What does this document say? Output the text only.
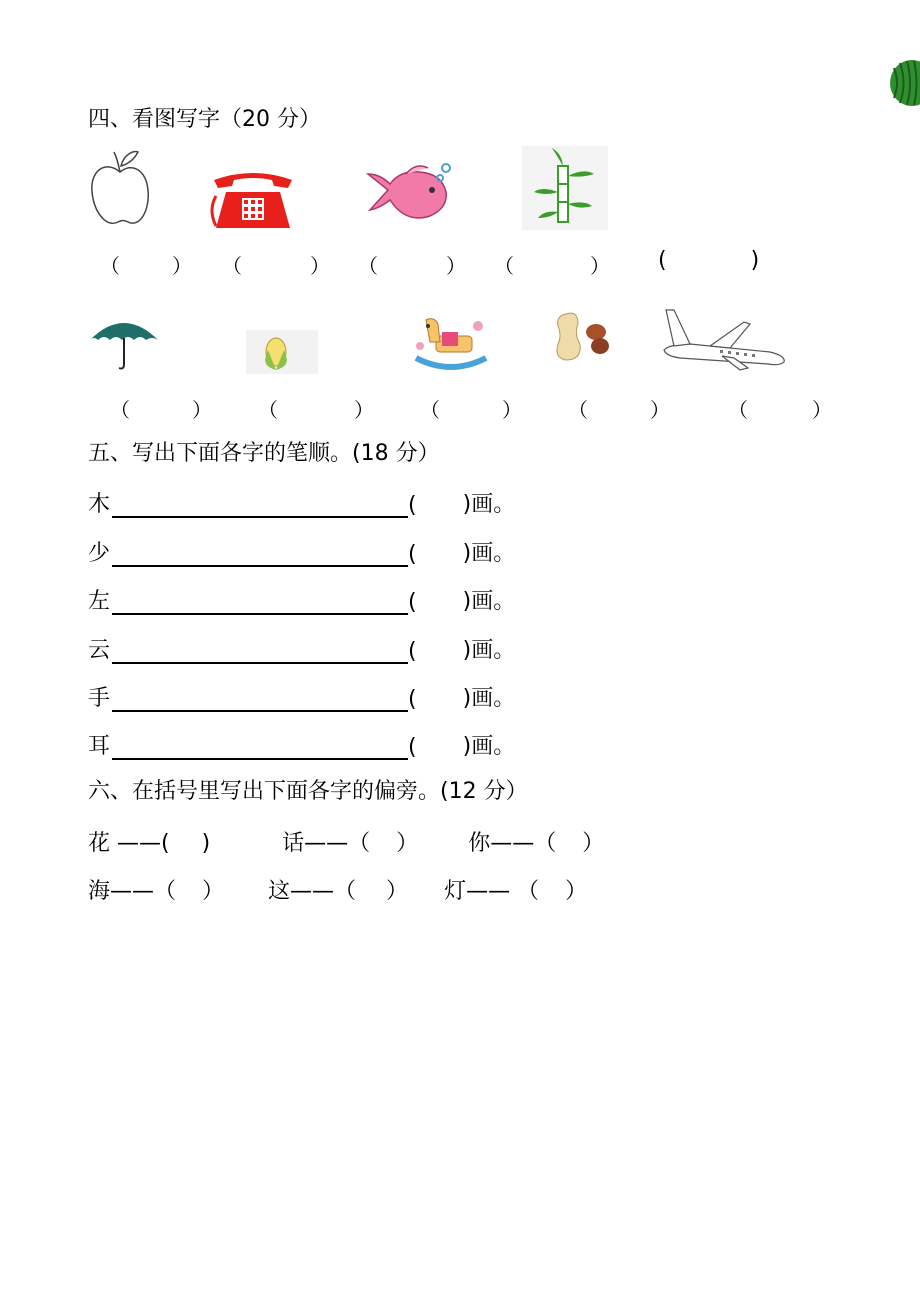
四、看图写字（20 分）
（	） （	） （	） （	） (	)
（	） （	） （	） （	）	（	）
五、写出下面各字的笔顺。(18 分）
木	( )画。
少	( )画。
左	( )画。
云	( )画。
手	( )画。
耳	( )画。
六、在括号里写出下面各字的偏旁。(12 分）
花 ——( )	话——（ ） 你——（ ）
海——（ ） 这——（ ） 灯—— （ ）
